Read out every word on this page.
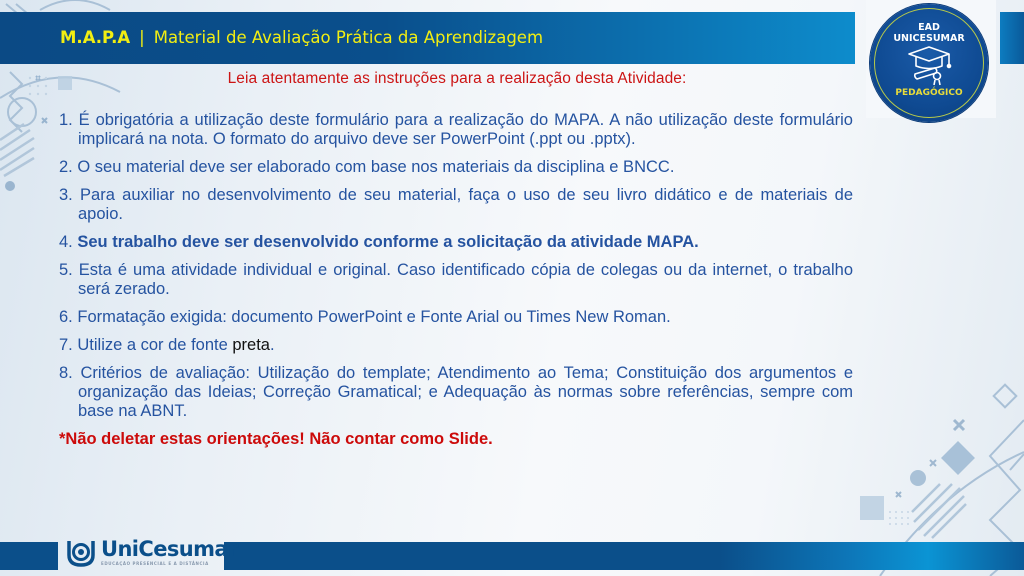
M.A.P.A | Material de Avaliação Prática da Aprendizagem
EAD
UNICESUMAR
PEDAGÓGICO
Leia atentamente as instruções para a realização desta Atividade:
1. É obrigatória a utilização deste formulário para a realização do MAPA. A não utilização deste formulário implicará na nota. O formato do arquivo deve ser PowerPoint (.ppt ou .pptx).
2. O seu material deve ser elaborado com base nos materiais da disciplina e BNCC.
3. Para auxiliar no desenvolvimento de seu material, faça o uso de seu livro didático e de materiais de apoio.
4. Seu trabalho deve ser desenvolvido conforme a solicitação da atividade MAPA.
5. Esta é uma atividade individual e original. Caso identificado cópia de colegas ou da internet, o trabalho será zerado.
6. Formatação exigida: documento PowerPoint e Fonte Arial ou Times New Roman.
7. Utilize a cor de fonte preta.
8. Critérios de avaliação: Utilização do template; Atendimento ao Tema; Constituição dos argumentos e organização das Ideias; Correção Gramatical; e Adequação às normas sobre referências, sempre com base na ABNT.
*Não deletar estas orientações! Não contar como Slide.
UniCesumar
EDUCAÇÃO PRESENCIAL E A DISTÂNCIA
